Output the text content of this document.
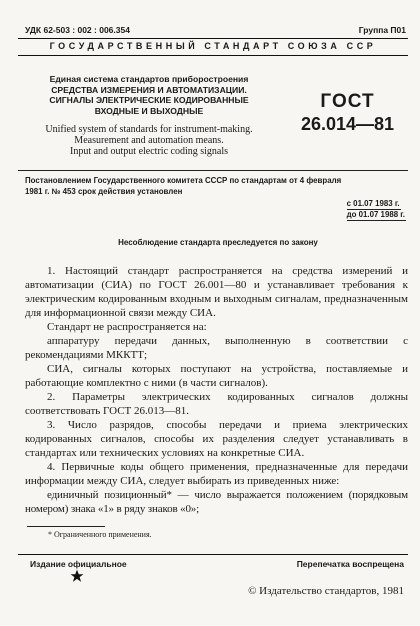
УДК 62-503 : 002 : 006.354	Группа П01
ГОСУДАРСТВЕННЫЙ СТАНДАРТ СОЮЗА ССР
Единая система стандартов приборостроения
СРЕДСТВА ИЗМЕРЕНИЯ И АВТОМАТИЗАЦИИ.
СИГНАЛЫ ЭЛЕКТРИЧЕСКИЕ КОДИРОВАННЫЕ
ВХОДНЫЕ И ВЫХОДНЫЕ
Unified system of standards for instrument-making.
Measurement and automation means.
Input and output electric coding signals
ГОСТ
26.014—81
Постановлением Государственного комитета СССР по стандартам от 4 февраля
1981 г. № 453 срок действия установлен
с 01.07 1983 г.
до 01.07 1988 г.
Несоблюдение стандарта преследуется по закону

1. Настоящий стандарт распространяется на средства измерений и автоматизации (СИА) по ГОСТ 26.001—80 и устанавливает требования к электрическим кодированным входным и выходным сигналам, предназначенным для информационной связи между СИА.

Стандарт не распространяется на:

аппаратуру передачи данных, выполненную в соответствии с рекомендациями МККТТ;

СИА, сигналы которых поступают на устройства, поставляемые и работающие комплектно с ними (в части сигналов).

2. Параметры электрических кодированных сигналов должны соответствовать ГОСТ 26.013—81.

3. Число разрядов, способы передачи и приема электрических кодированных сигналов, способы их разделения следует устанавливать в стандартах или технических условиях на конкретные СИА.

4. Первичные коды общего применения, предназначенные для передачи информации между СИА, следует выбирать из приведенных ниже:

единичный позиционный* — число выражается положением (порядковым номером) знака «1» в ряду знаков «0»;

* Ограниченного применения.
Издание официальное	Перепечатка воспрещена
© Издательство стандартов, 1981
